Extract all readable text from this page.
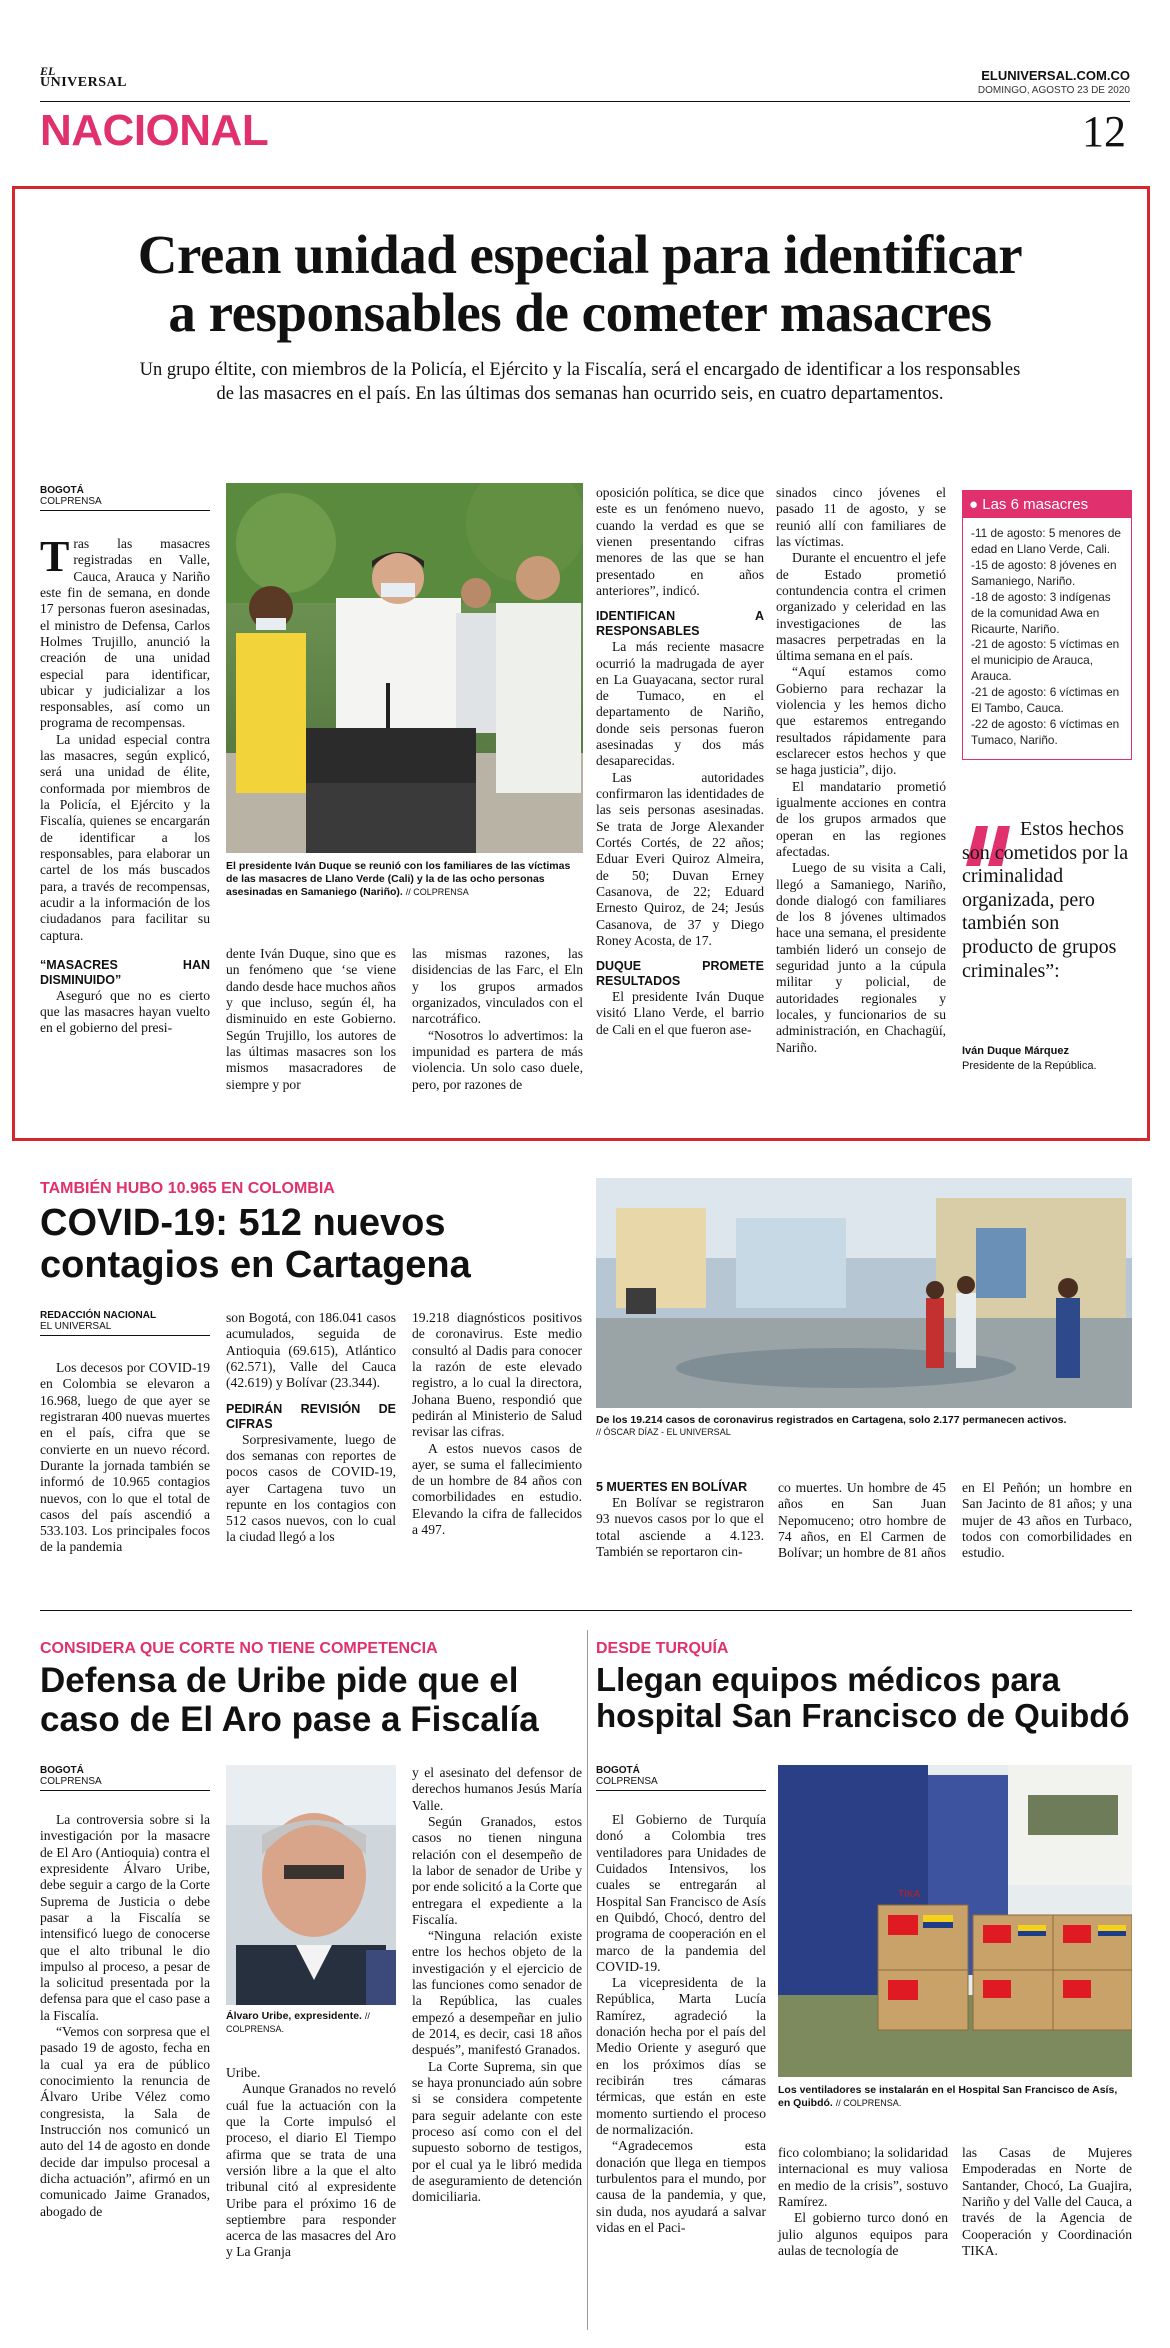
EL
UNIVERSAL	ELUNIVERSAL.COM.CO
DOMINGO, AGOSTO 23 DE 2020
NACIONAL	12
Crean unidad especial para identificar
a responsables de cometer masacres
Un grupo éltite, con miembros de la Policía, el Ejército y la Fiscalía, será el encargado de identificar a los responsables
de las masacres en el país. En las últimas dos semanas han ocurrido seis, en cuatro departamentos.
BOGOTÁ
COLPRENSA

Tras las masacres registradas en Valle, Cauca, Arauca y Nariño este fin de semana, en donde 17 personas fueron asesinadas, el ministro de Defensa, Carlos Holmes Trujillo, anunció la creación de una unidad especial para identificar, ubicar y judicializar a los responsables, así como un programa de recompensas.

La unidad especial contra las masacres, según explicó, será una unidad de élite, conformada por miembros de la Policía, el Ejército y la Fiscalía, quienes se encargarán de identificar a los responsables, para elaborar un cartel de los más buscados para, a través de recompensas, acudir a la información de los ciudadanos para facilitar su captura.

“MASACRES HAN DISMINUIDO”

Aseguró que no es cierto que las masacres hayan vuelto en el gobierno del presi-

El presidente Iván Duque se reunió con los familiares de las víctimas de las masacres de Llano Verde (Cali) y la de las ocho personas asesinadas en Samaniego (Nariño). // COLPRENSA

dente Iván Duque, sino que es un fenómeno que ‘se viene dando desde hace muchos años y que incluso, según él, ha disminuido en este Gobierno. Según Trujillo, los autores de las últimas masacres son los mismos masacradores de siempre y por

las mismas razones, las disidencias de las Farc, el Eln y los grupos armados organizados, vinculados con el narcotráfico.

“Nosotros lo advertimos: la impunidad es partera de más violencia. Un solo caso duele, pero, por razones de

oposición política, se dice que este es un fenómeno nuevo, cuando la verdad es que se vienen presentando cifras menores de las que se han presentado en años anteriores”, indicó.

IDENTIFICAN A RESPONSABLES

La más reciente masacre ocurrió la madrugada de ayer en La Guayacana, sector rural de Tumaco, en el departamento de Nariño, donde seis personas fueron asesinadas y dos más desaparecidas.

Las autoridades confirmaron las identidades de las seis personas asesinadas. Se trata de Jorge Alexander Cortés Cortés, de 22 años; Eduar Everi Quiroz Almeira, de 50; Duvan Erney Casanova, de 22; Eduard Ernesto Quiroz, de 24; Jesús Casanova, de 37 y Diego Roney Acosta, de 17.

DUQUE PROMETE RESULTADOS

El presidente Iván Duque visitó Llano Verde, el barrio de Cali en el que fueron ase-

sinados cinco jóvenes el pasado 11 de agosto, y se reunió allí con familiares de las víctimas.

Durante el encuentro el jefe de Estado prometió contundencia contra el crimen organizado y celeridad en las investigaciones de las masacres perpetradas en la última semana en el país.

“Aquí estamos como Gobierno para rechazar la violencia y les hemos dicho que estaremos entregando resultados rápidamente para esclarecer estos hechos y que se haga justicia”, dijo.

El mandatario prometió igualmente acciones en contra de los grupos armados que operan en las regiones afectadas.

Luego de su visita a Cali, llegó a Samaniego, Nariño, donde dialogó con familiares de los 8 jóvenes ultimados hace una semana, el presidente también lideró un consejo de seguridad junto a la cúpula militar y policial, de autoridades regionales y locales, y funcionarios de su administración, en Chachagüí, Nariño.

● Las 6 masacres
-11 de agosto: 5 menores de edad en Llano Verde, Cali.
-15 de agosto: 8 jóvenes en Samaniego, Nariño.
-18 de agosto: 3 indígenas de la comunidad Awa en Ricaurte, Nariño.
-21 de agosto: 5 víctimas en el municipio de Arauca, Arauca.
-21 de agosto: 6 víctimas en El Tambo, Cauca.
-22 de agosto: 6 víctimas en Tumaco, Nariño.
Estos hechos son cometidos por la criminalidad organizada, pero también son producto de grupos criminales”:
Iván Duque Márquez
Presidente de la República.
TAMBIÉN HUBO 10.965 EN COLOMBIA
COVID-19: 512 nuevos
contagios en Cartagena
REDACCIÓN NACIONAL
EL UNIVERSAL

Los decesos por COVID-19 en Colombia se elevaron a 16.968, luego de que ayer se registraran 400 nuevas muertes en el país, cifra que se convierte en un nuevo récord. Durante la jornada también se informó de 10.965 contagios nuevos, con lo que el total de casos del país ascendió a 533.103. Los principales focos de la pandemia

son Bogotá, con 186.041 casos acumulados, seguida de Antioquia (69.615), Atlántico (62.571), Valle del Cauca (42.619) y Bolívar (23.344).

PEDIRÁN REVISIÓN DE CIFRAS

Sorpresivamente, luego de dos semanas con reportes de pocos casos de COVID-19, ayer Cartagena tuvo un repunte en los contagios con 512 casos nuevos, con lo cual la ciudad llegó a los

19.218 diagnósticos positivos de coronavirus. Este medio consultó al Dadis para conocer la razón de este elevado registro, a lo cual la directora, Johana Bueno, respondió que pedirán al Ministerio de Salud revisar las cifras.

A estos nuevos casos de ayer, se suma el fallecimiento de un hombre de 84 años con comorbilidades en estudio. Elevando la cifra de fallecidos a 497.

De los 19.214 casos de coronavirus registrados en Cartagena, solo 2.177 permanecen activos.
// ÓSCAR DÍAZ - EL UNIVERSAL

5 MUERTES EN BOLÍVAR

En Bolívar se registraron 93 nuevos casos por lo que el total asciende a 4.123. También se reportaron cin-

co muertes. Un hombre de 45 años en San Juan Nepomuceno; otro hombre de 74 años, en El Carmen de Bolívar; un hombre de 81 años

en El Peñón; un hombre en San Jacinto de 81 años; y una mujer de 43 años en Turbaco, todos con comorbilidades en estudio.

CONSIDERA QUE CORTE NO TIENE COMPETENCIA
Defensa de Uribe pide que el
caso de El Aro pase a Fiscalía
BOGOTÁ
COLPRENSA

La controversia sobre si la investigación por la masacre de El Aro (Antioquia) contra el expresidente Álvaro Uribe, debe seguir a cargo de la Corte Suprema de Justicia o debe pasar a la Fiscalía se intensificó luego de conocerse que el alto tribunal le dio impulso al proceso, a pesar de la solicitud presentada por la defensa para que el caso pase a la Fiscalía.

“Vemos con sorpresa que el pasado 19 de agosto, fecha en la cual ya era de público conocimiento la renuncia de Álvaro Uribe Vélez como congresista, la Sala de Instrucción nos comunicó un auto del 14 de agosto en donde decide dar impulso procesal a dicha actuación”, afirmó en un comunicado Jaime Granados, abogado de

Álvaro Uribe, expresidente. // COLPRENSA.

Uribe.

Aunque Granados no reveló cuál fue la actuación con la que la Corte impulsó el proceso, el diario El Tiempo afirma que se trata de una versión libre a la que el alto tribunal citó al expresidente Uribe para el próximo 16 de septiembre para responder acerca de las masacres del Aro y La Granja

y el asesinato del defensor de derechos humanos Jesús María Valle.

Según Granados, estos casos no tienen ninguna relación con el desempeño de la labor de senador de Uribe y por ende solicitó a la Corte que entregara el expediente a la Fiscalía.

“Ninguna relación existe entre los hechos objeto de la investigación y el ejercicio de las funciones como senador de la República, las cuales empezó a desempeñar en julio de 2014, es decir, casi 18 años después”, manifestó Granados.

La Corte Suprema, sin que se haya pronunciado aún sobre si se considera competente para seguir adelante con este proceso así como con el del supuesto soborno de testigos, por el cual ya le libró medida de aseguramiento de detención domiciliaria.

DESDE TURQUÍA
Llegan equipos médicos para
hospital San Francisco de Quibdó
BOGOTÁ
COLPRENSA

El Gobierno de Turquía donó a Colombia tres ventiladores para Unidades de Cuidados Intensivos, los cuales se entregarán al Hospital San Francisco de Asís en Quibdó, Chocó, dentro del programa de cooperación en el marco de la pandemia del COVID-19.

La vicepresidenta de la República, Marta Lucía Ramírez, agradeció la donación hecha por el país del Medio Oriente y aseguró que en los próximos días se recibirán tres cámaras térmicas, que están en este momento surtiendo el proceso de normalización.

“Agradecemos esta donación que llega en tiempos turbulentos para el mundo, por causa de la pandemia, y que, sin duda, nos ayudará a salvar vidas en el Paci-

TİKA
Los ventiladores se instalarán en el Hospital San Francisco de Asís, en Quibdó. // COLPRENSA.

fico colombiano; la solidaridad internacional es muy valiosa en medio de la crisis”, sostuvo Ramírez.

El gobierno turco donó en julio algunos equipos para aulas de tecnología de

las Casas de Mujeres Empoderadas en Norte de Santander, Chocó, La Guajira, Nariño y del Valle del Cauca, a través de la Agencia de Cooperación y Coordinación TIKA.
